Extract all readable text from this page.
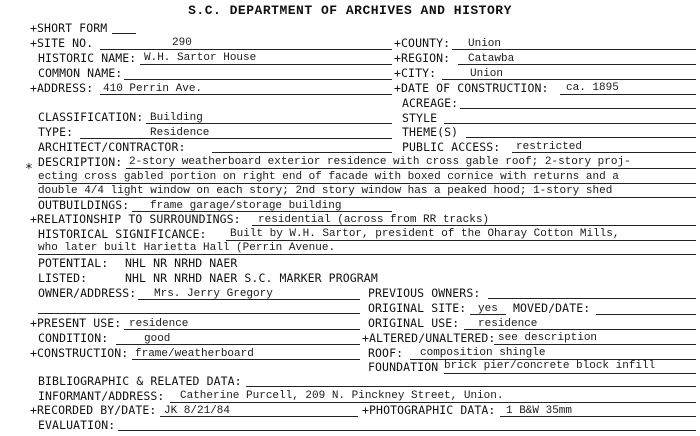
S.C. DEPARTMENT OF ARCHIVES AND HISTORY
+SHORT FORM
+SITE NO.	290
HISTORIC NAME: W.H. Sartor House
COMMON NAME:
+ADDRESS: 410 Perrin Ave.
CLASSIFICATION: Building
TYPE:	Residence
ARCHITECT/CONTRACTOR:
DESCRIPTION:
*	2-story weatherboard exterior residence with cross gable roof; 2-story proj-
ecting cross gabled portion on right end of facade with boxed cornice with returns and a
double 4/4 light window on each story; 2nd story window has a peaked hood; 1-story shed
OUTBUILDINGS: frame garage/storage building
+RELATIONSHIP TO SURROUNDINGS: residential (across from RR tracks)
HISTORICAL SIGNIFICANCE: Built by W.H. Sartor, president of the Oharay Cotton Mills,
who later built Harietta Hall (Perrin Avenue.
POTENTIAL: NHL NR NRHD NAER
LISTED:	NHL NR NRHD NAER S.C. MARKER PROGRAM
OWNER/ADDRESS: Mrs. Jerry Gregory
+PRESENT USE: residence
CONDITION:	good
+CONSTRUCTION: frame/weatherboard
+COUNTY: Union
+REGION: Catawba
+CITY:	Union
+DATE OF CONSTRUCTION: ca. 1895
ACREAGE:
STYLE
THEME(S)
PUBLIC ACCESS: restricted
PREVIOUS OWNERS:
ORIGINAL SITE: yes MOVED/DATE:
ORIGINAL USE: residence
+ALTERED/UNALTERED: see description
ROOF: composition shingle
FOUNDATION brick pier/concrete block infill
BIBLIOGRAPHIC & RELATED DATA:
INFORMANT/ADDRESS: Catherine Purcell, 209 N. Pinckney Street, Union.
+RECORDED BY/DATE: JK 8/21/84	+PHOTOGRAPHIC DATA: 1 B&W 35mm
EVALUATION:
